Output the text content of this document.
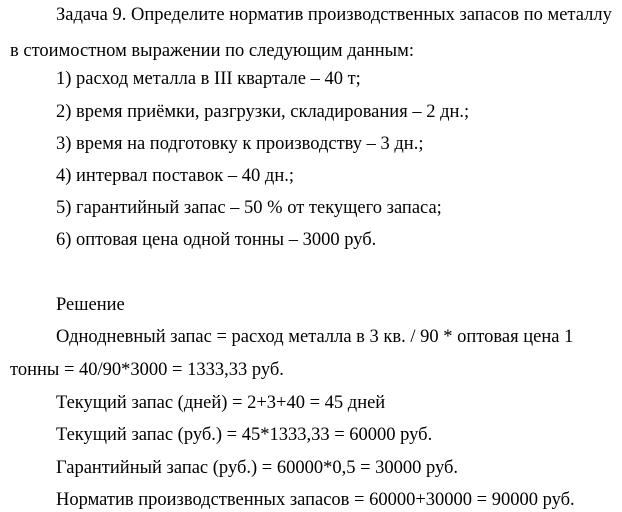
Задача 9. Определите норматив производственных запасов по металлу
в стоимостном выражении по следующим данным:
1) расход металла в III квартале – 40 т;
2) время приёмки, разгрузки, складирования – 2 дн.;
3) время на подготовку к производству – 3 дн.;
4) интервал поставок – 40 дн.;
5) гарантийный запас – 50 % от текущего запаса;
6) оптовая цена одной тонны – 3000 руб.
Решение
Однодневный запас = расход металла в 3 кв. / 90 * оптовая цена 1
тонны = 40/90*3000 = 1333,33 руб.
Текущий запас (дней) = 2+3+40 = 45 дней
Текущий запас (руб.) = 45*1333,33 = 60000 руб.
Гарантийный запас (руб.) = 60000*0,5 = 30000 руб.
Норматив производственных запасов = 60000+30000 = 90000 руб.
